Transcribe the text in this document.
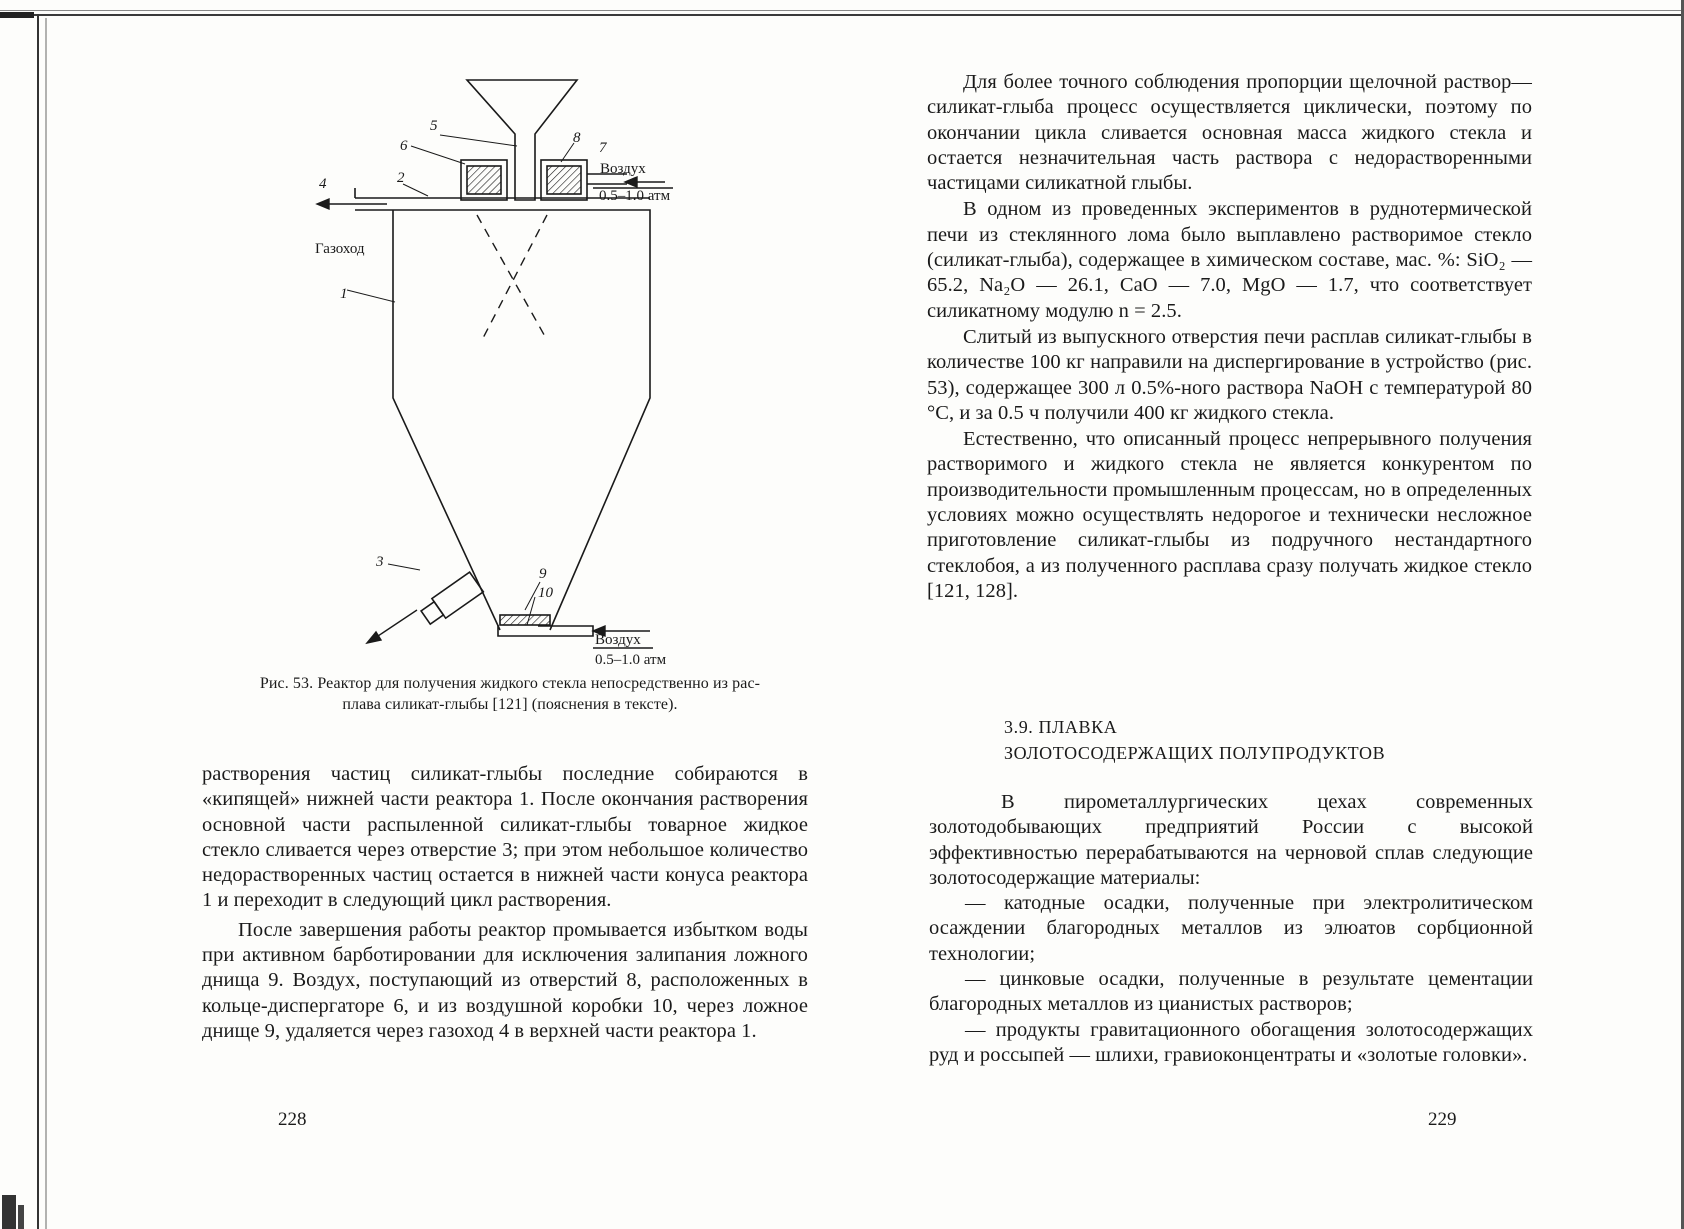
1
2
3
4
5
6	7
8
9
10
Воздух
0.5–1.0 атм
Газоход
Воздух
0.5–1.0 атм
Рис. 53. Реактор для получения жидкого стекла непосредственно из рас-
плава силикат-глыбы [121] (пояснения в тексте).

растворения частиц силикат-глыбы последние собираются в «кипящей» нижней части реактора 1. После окончания растворения основной части распыленной силикат-глыбы товарное жидкое стекло сливается через отверстие 3; при этом небольшое количество недорастворенных частиц остается в нижней части конуса реактора 1 и переходит в следующий цикл растворения.

После завершения работы реактор промывается избытком воды при активном барботировании для исключения залипания ложного днища 9. Воздух, поступающий из отверстий 8, расположенных в кольце-диспергаторе 6, и из воздушной коробки 10, через ложное днище 9, удаляется через газоход 4 в верхней части реактора 1.

228

Для более точного соблюдения пропорции щелочной раствор—силикат-глыба процесс осуществляется циклически, поэтому по окончании цикла сливается основная масса жидкого стекла и остается незначительная часть раствора с недорастворенными частицами силикатной глыбы.

В одном из проведенных экспериментов в руднотермической печи из стеклянного лома было выплавлено растворимое стекло (силикат-глыба), содержащее в химическом составе, мас. %: SiO₂ — 65.2, Na₂O — 26.1, CaO — 7.0, MgO — 1.7, что соответствует силикатному модулю n = 2.5.

Слитый из выпускного отверстия печи расплав силикат-глыбы в количестве 100 кг направили на диспергирование в устройство (рис. 53), содержащее 300 л 0.5%-ного раствора NaOH с температурой 80 °С, и за 0.5 ч получили 400 кг жидкого стекла.

Естественно, что описанный процесс непрерывного получения растворимого и жидкого стекла не является конкурентом по производительности промышленным процессам, но в определенных условиях можно осуществлять недорогое и технически несложное приготовление силикат-глыбы из подручного нестандартного стеклобоя, а из полученного расплава сразу получать жидкое стекло [121, 128].

3.9. ПЛАВКА
ЗОЛОТОСОДЕРЖАЩИХ ПОЛУПРОДУКТОВ

В пирометаллургических цехах современных золотодобывающих предприятий России с высокой эффективностью перерабатываются на черновой сплав следующие золотосодержащие материалы:

— катодные осадки, полученные при электролитическом осаждении благородных металлов из элюатов сорбционной технологии;

— цинковые осадки, полученные в результате цементации благородных металлов из цианистых растворов;

— продукты гравитационного обогащения золотосодержащих руд и россыпей — шлихи, гравиоконцентраты и «золотые головки».

229
